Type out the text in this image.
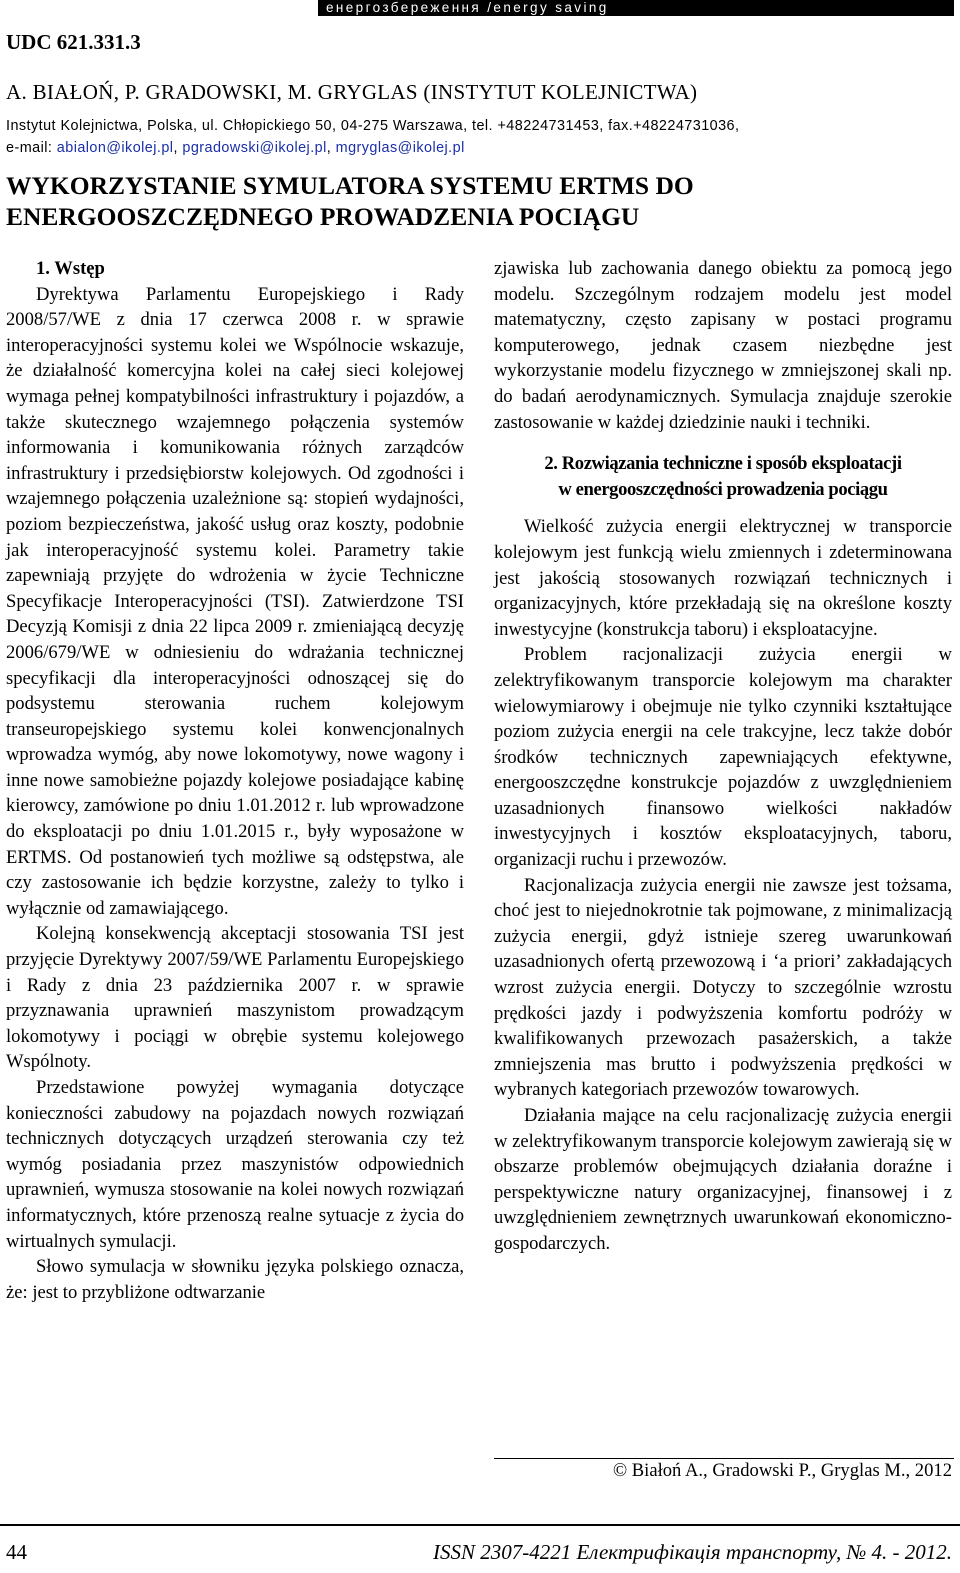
енергозбереження /energy saving
UDC 621.331.3
A. BIAŁOŃ, P. GRADOWSKI, M. GRYGLAS (INSTYTUT KOLEJNICTWA)
Instytut Kolejnictwa, Polska, ul. Chłopickiego 50, 04-275 Warszawa, tel. +48224731453, fax.+48224731036,
e-mail: abialon@ikolej.pl, pgradowski@ikolej.pl, mgryglas@ikolej.pl
WYKORZYSTANIE SYMULATORA SYSTEMU ERTMS DO ENERGOOSZCZĘDNEGO PROWADZENIA POCIĄGU
1. Wstęp

Dyrektywa Parlamentu Europejskiego i Rady 2008/57/WE z dnia 17 czerwca 2008 r. w sprawie interoperacyjności systemu kolei we Wspólnocie wskazuje, że działalność komercyjna kolei na całej sieci kolejowej wymaga pełnej kompatybilności infrastruktury i pojazdów, a także skutecznego wzajemnego połączenia systemów informowania i komunikowania różnych zarządców infrastruktury i przedsiębiorstw kolejowych. Od zgodności i wzajemnego połączenia uzależnione są: stopień wydajności, poziom bezpieczeństwa, jakość usług oraz koszty, podobnie jak interoperacyjność systemu kolei. Parametry takie zapewniają przyjęte do wdrożenia w życie Techniczne Specyfikacje Interoperacyjności (TSI). Zatwierdzone TSI Decyzją Komisji z dnia 22 lipca 2009 r. zmieniającą decyzję 2006/679/WE w odniesieniu do wdrażania technicznej specyfikacji dla interoperacyjności odnoszącej się do podsystemu sterowania ruchem kolejowym transeuropejskiego systemu kolei konwencjonalnych wprowadza wymóg, aby nowe lokomotywy, nowe wagony i inne nowe samobieżne pojazdy kolejowe posiadające kabinę kierowcy, zamówione po dniu 1.01.2012 r. lub wprowadzone do eksploatacji po dniu 1.01.2015 r., były wyposażone w ERTMS. Od postanowień tych możliwe są odstępstwa, ale czy zastosowanie ich będzie korzystne, zależy to tylko i wyłącznie od zamawiającego.

Kolejną konsekwencją akceptacji stosowania TSI jest przyjęcie Dyrektywy 2007/59/WE Parlamentu Europejskiego i Rady z dnia 23 października 2007 r. w sprawie przyznawania uprawnień maszynistom prowadzącym lokomotywy i pociągi w obrębie systemu kolejowego Wspólnoty.

Przedstawione powyżej wymagania dotyczące konieczności zabudowy na pojazdach nowych rozwiązań technicznych dotyczących urządzeń sterowania czy też wymóg posiadania przez maszynistów odpowiednich uprawnień, wymusza stosowanie na kolei nowych rozwiązań informatycznych, które przenoszą realne sytuacje z życia do wirtualnych symulacji.

Słowo symulacja w słowniku języka polskiego oznacza, że: jest to przybliżone odtwarzanie

zjawiska lub zachowania danego obiektu za pomocą jego modelu. Szczególnym rodzajem modelu jest model matematyczny, często zapisany w postaci programu komputerowego, jednak czasem niezbędne jest wykorzystanie modelu fizycznego w zmniejszonej skali np. do badań aerodynamicznych. Symulacja znajduje szerokie zastosowanie w każdej dziedzinie nauki i techniki.

2. Rozwiązania techniczne i sposób eksploatacji
w energooszczędności prowadzenia pociągu

Wielkość zużycia energii elektrycznej w transporcie kolejowym jest funkcją wielu zmiennych i zdeterminowana jest jakością stosowanych rozwiązań technicznych i organizacyjnych, które przekładają się na określone koszty inwestycyjne (konstrukcja taboru) i eksploatacyjne.

Problem racjonalizacji zużycia energii w zelektryfikowanym transporcie kolejowym ma charakter wielowymiarowy i obejmuje nie tylko czynniki kształtujące poziom zużycia energii na cele trakcyjne, lecz także dobór środków technicznych zapewniających efektywne, energooszczędne konstrukcje pojazdów z uwzględnieniem uzasadnionych finansowo wielkości nakładów inwestycyjnych i kosztów eksploatacyjnych, taboru, organizacji ruchu i przewozów.

Racjonalizacja zużycia energii nie zawsze jest tożsama, choć jest to niejednokrotnie tak pojmowane, z minimalizacją zużycia energii, gdyż istnieje szereg uwarunkowań uzasadnionych ofertą przewozową i ‘a priori’ zakładających wzrost zużycia energii. Dotyczy to szczególnie wzrostu prędkości jazdy i podwyższenia komfortu podróży w kwalifikowanych przewozach pasażerskich, a także zmniejszenia mas brutto i podwyższenia prędkości w wybranych kategoriach przewozów towarowych.

Działania mające na celu racjonalizację zużycia energii w zelektryfikowanym transporcie kolejowym zawierają się w obszarze problemów obejmujących działania doraźne i perspektywiczne natury organizacyjnej, finansowej i z uwzględnieniem zewnętrznych uwarunkowań ekonomiczno-gospodarczych.

© Białoń A., Gradowski P., Gryglas M., 2012
44	ISSN 2307-4221 Електрифікація транспорту, № 4. - 2012.
